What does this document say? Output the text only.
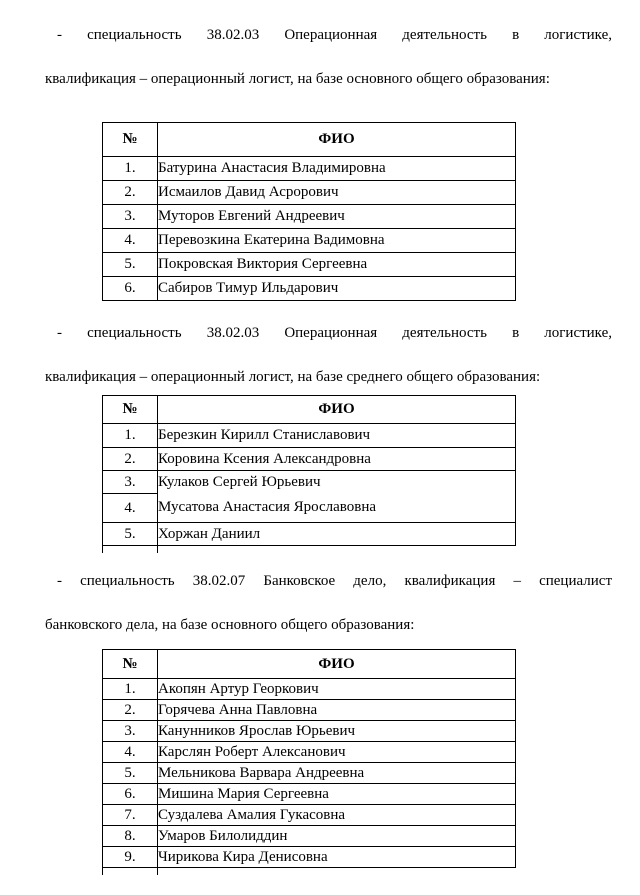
- специальность 38.02.03 Операционная деятельность в логистике,
квалификация – операционный логист, на базе основного общего образования:

№	ФИО
1.	Батурина Анастасия Владимировна
2.	Исмаилов Давид Асрорович
3.	Муторов Евгений Андреевич
4.	Перевозкина Екатерина Вадимовна
5.	Покровская Виктория Сергеевна
6.	Сабиров Тимур Ильдарович

- специальность 38.02.03 Операционная деятельность в логистике,
квалификация – операционный логист, на базе среднего общего образования:

№	ФИО
1.	Березкин Кирилл Станиславович
2.	Коровина Ксения Александровна
3.	Кулаков Сергей Юрьевич
4.	Мусатова Анастасия Ярославовна
5.	Хоржан Даниил

- специальность 38.02.07 Банковское дело, квалификация – специалист
банковского дела, на базе основного общего образования:

№	ФИО
1.	Акопян Артур Георкович
2.	Горячева Анна Павловна
3.	Канунников Ярослав Юрьевич
4.	Карслян Роберт Алексанович
5.	Мельникова Варвара Андреевна
6.	Мишина Мария Сергеевна
7.	Суздалева Амалия Гукасовна
8.	Умаров Билолиддин
9.	Чирикова Кира Денисовна
